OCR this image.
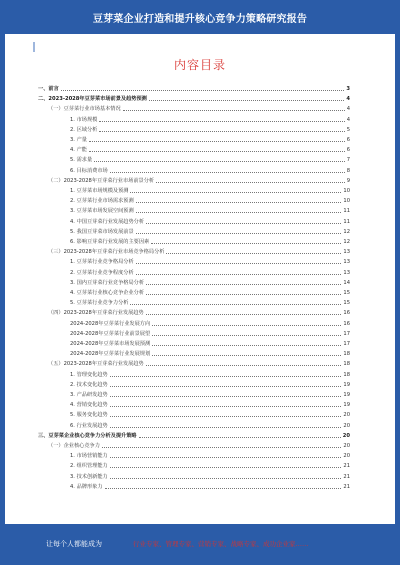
豆芽菜企业打造和提升核心竞争力策略研究报告
内容目录
一、前言	3
二、2023-2028年豆芽菜市场前景及趋势预测	4
（一）豆芽菜行业市场基本情况	4
1. 市场规模	4
2. 区域分析	5
3. 产量	6
4. 产能	6
5. 需求量	7
6. 目标消费市场	8
（二）2023-2028年豆芽菜行业市场前景分析	9
1. 豆芽菜市场规模及预测	10
2. 豆芽菜行业市场需求预测	10
3. 豆芽菜市场发展空间预测	11
4. 中国豆芽菜行业发展趋势分析	11
5. 我国豆芽菜市场发展前景	12
6. 影响豆芽菜行业发展的主要因素	12
（三）2023-2028年豆芽菜行业市场竞争格局分析	13
1. 豆芽菜行业竞争格局分析	13
2. 豆芽菜行业竞争程度分析	13
3. 国内豆芽菜行业竞争格局分析	14
4. 豆芽菜行业核心竞争企业分析	15
5. 豆芽菜行业竞争力分析	15
（四）2023-2028年豆芽菜行业发展趋势	16
2024-2028年豆芽菜行业发展方向	16
2024-2028年豆芽菜行业前景展望	17
2024-2028年豆芽菜市场发展预测	17
2024-2028年豆芽菜行业发展规划	18
（五）2023-2028年豆芽菜行业发展趋势	18
1. 管理变化趋势	18
2. 技术变化趋势	19
3. 产品研发趋势	19
4. 营销变化趋势	19
5. 服务变化趋势	20
6. 行业发展趋势	20
三、豆芽菜企业核心竞争力分析及提升策略	20
（一）企业核心竞争力	20
1. 市场营销能力	20
2. 组织管理能力	21
3. 技术创新能力	21
4. 品牌形象力	21
让每个人都能成为	行业专家、管理专家、营销专家、战略专家、成功企业家……
